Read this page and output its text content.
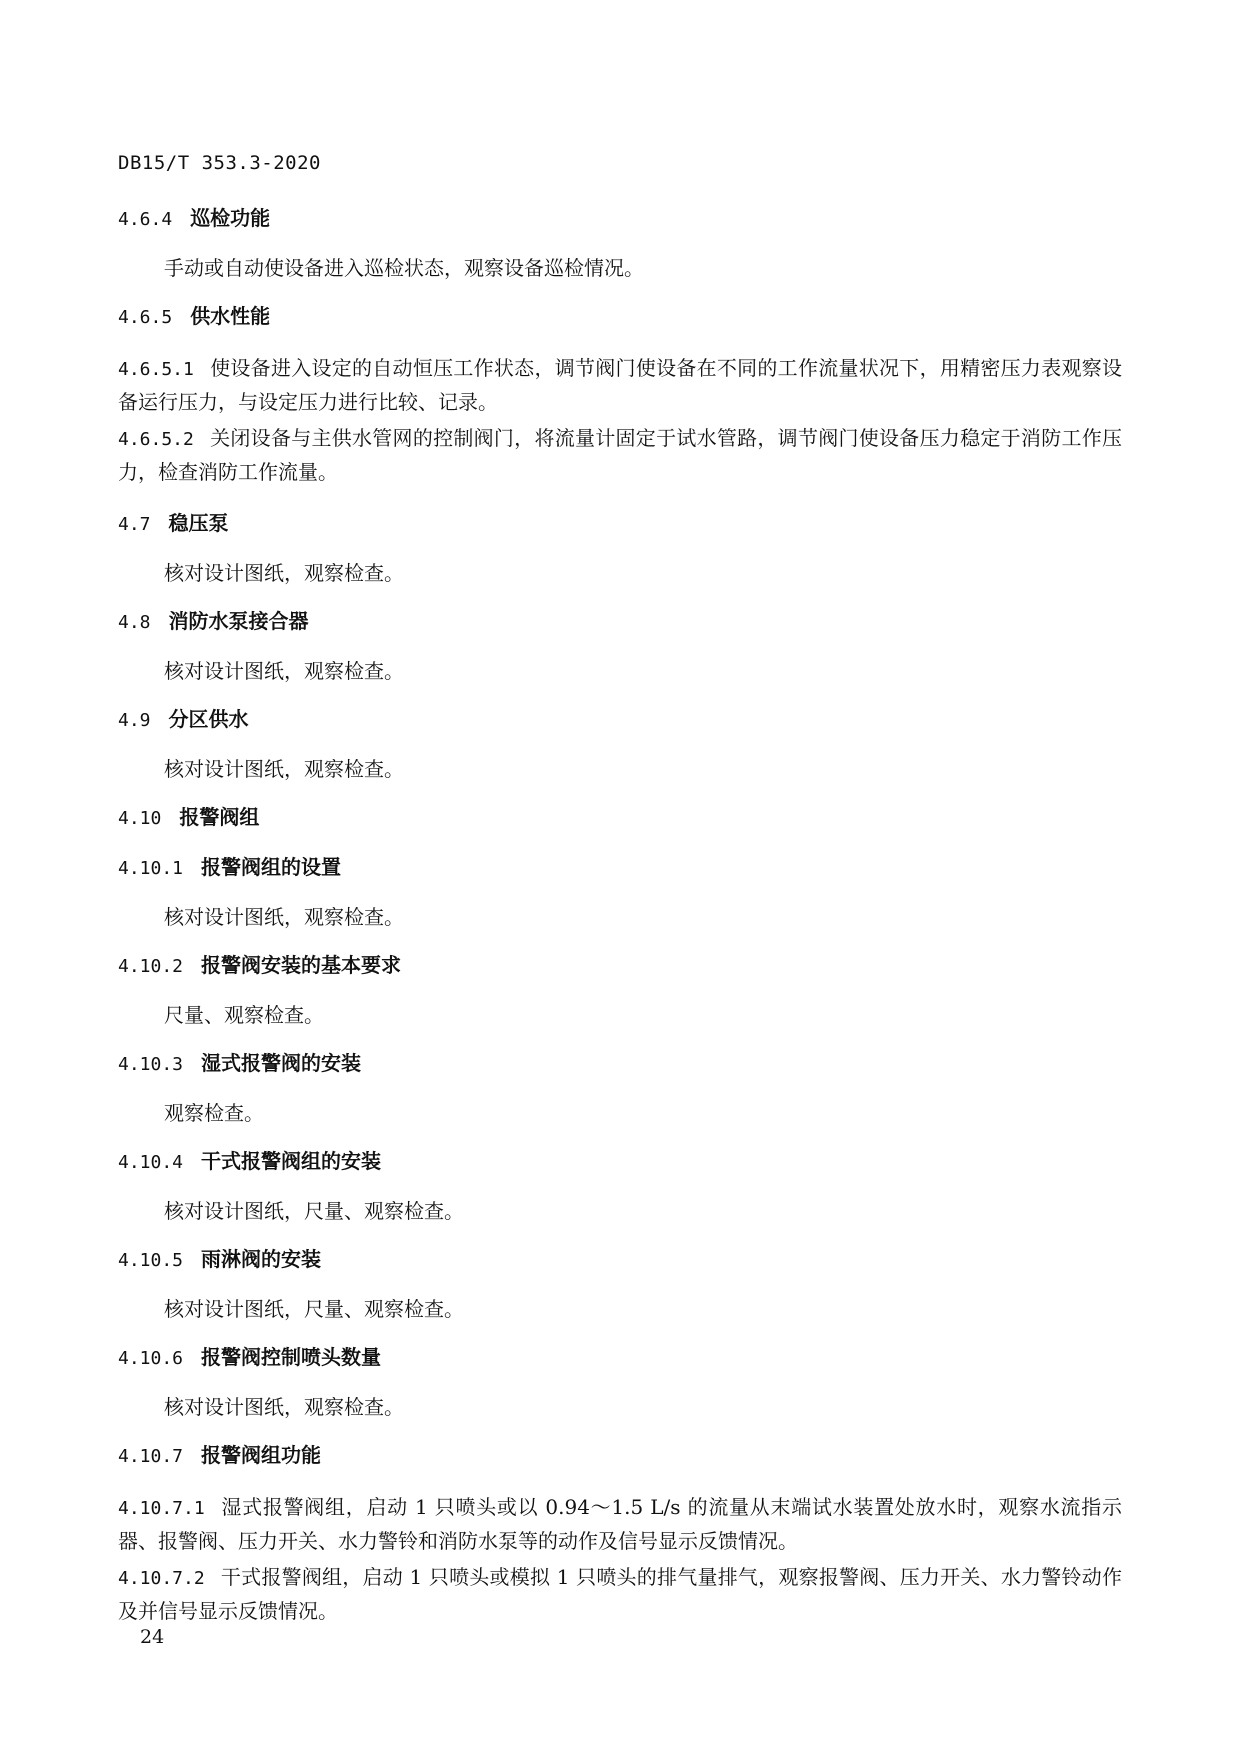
DB15/T 353.3-2020
4.6.4 巡检功能
手动或自动使设备进入巡检状态，观察设备巡检情况。
4.6.5 供水性能
4.6.5.1 使设备进入设定的自动恒压工作状态，调节阀门使设备在不同的工作流量状况下，用精密压力表观察设备运行压力，与设定压力进行比较、记录。
4.6.5.2 关闭设备与主供水管网的控制阀门，将流量计固定于试水管路，调节阀门使设备压力稳定于消防工作压力，检查消防工作流量。
4.7 稳压泵
核对设计图纸，观察检查。
4.8 消防水泵接合器
核对设计图纸，观察检查。
4.9 分区供水
核对设计图纸，观察检查。
4.10 报警阀组
4.10.1 报警阀组的设置
核对设计图纸，观察检查。
4.10.2 报警阀安装的基本要求
尺量、观察检查。
4.10.3 湿式报警阀的安装
观察检查。
4.10.4 干式报警阀组的安装
核对设计图纸，尺量、观察检查。
4.10.5 雨淋阀的安装
核对设计图纸，尺量、观察检查。
4.10.6 报警阀控制喷头数量
核对设计图纸，观察检查。
4.10.7 报警阀组功能
4.10.7.1 湿式报警阀组，启动 1 只喷头或以 0.94～1.5 L/s 的流量从末端试水装置处放水时，观察水流指示器、报警阀、压力开关、水力警铃和消防水泵等的动作及信号显示反馈情况。
4.10.7.2 干式报警阀组，启动 1 只喷头或模拟 1 只喷头的排气量排气，观察报警阀、压力开关、水力警铃动作及并信号显示反馈情况。
24
